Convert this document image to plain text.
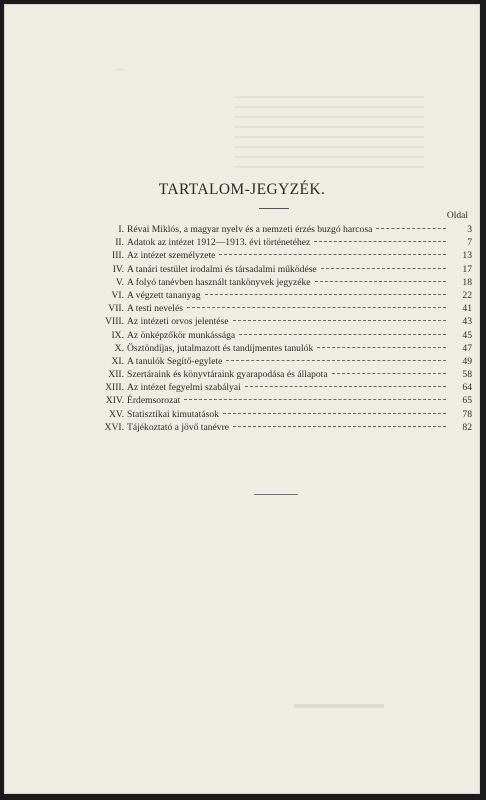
⁓
TARTALOM-JEGYZÉK.
Oldal
I. Révai Miklós, a magyar nyelv és a nemzeti érzés buzgó harcosa	3
II. Adatok az intézet 1912—1913. évi történetéhez	7
III. Az intézet személyzete	13
IV. A tanári testület irodalmi és társadalmi működése	17
V. A folyó tanévben használt tankönyvek jegyzéke	18
VI. A végzett tananyag	22
VII. A testi nevelés	41
VIII. Az intézeti orvos jelentése	43
IX. Az önképzőkör munkássága	45
X. Ösztöndíjas, jutalmazott és tandíjmentes tanulók	47
XI. A tanulók Segítő-egylete	49
XII. Szertáraink és könyvtáraink gyarapodása és állapota	58
XIII. Az intézet fegyelmi szabályai	64
XIV. Érdemsorozat	65
XV. Statisztikai kimutatások	78
XVI. Tájékoztató a jövő tanévre	82
